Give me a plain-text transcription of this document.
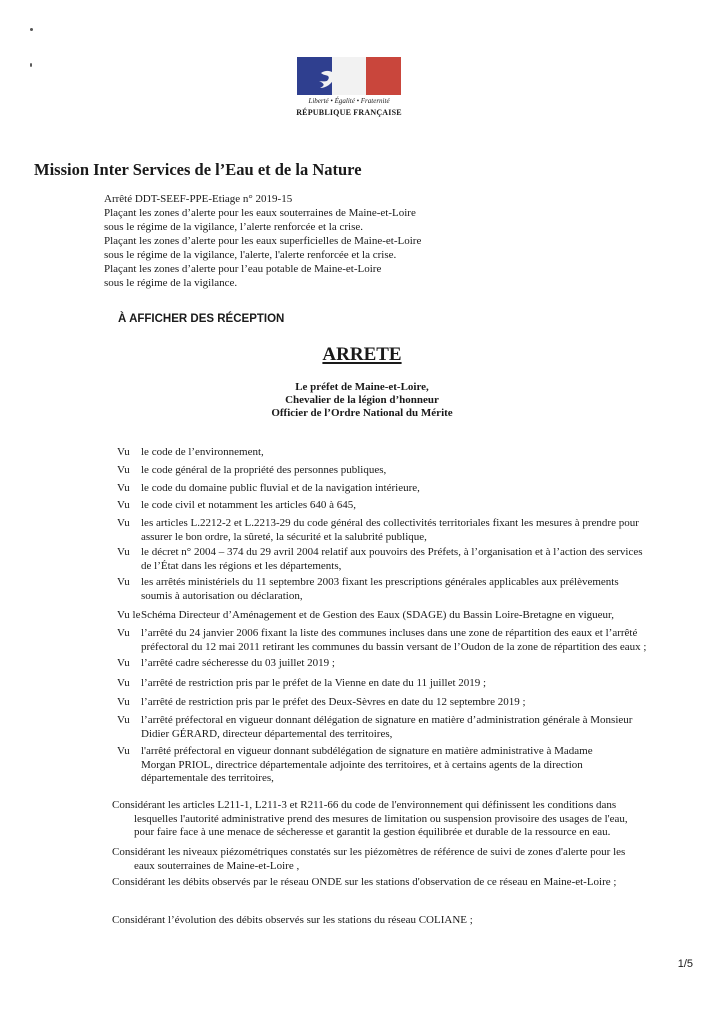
Liberté • Égalité • Fraternité
RÉPUBLIQUE FRANÇAISE
Mission Inter Services de l’Eau et de la Nature
Arrêté DDT-SEEF-PPE-Etiage n° 2019-15
Plaçant les zones d’alerte pour les eaux souterraines de Maine-et-Loire
sous le régime de la vigilance, l’alerte renforcée et la crise.
Plaçant les zones d’alerte pour les eaux superficielles de Maine-et-Loire
sous le régime de la vigilance, l'alerte, l'alerte renforcée et la crise.
Plaçant les zones d’alerte pour l’eau potable de Maine-et-Loire
sous le régime de la vigilance.
À AFFICHER DES RÉCEPTION
ARRETE
Le préfet de Maine-et-Loire,
Chevalier de la légion d’honneur
Officier de l’Ordre National du Mérite
Vu le code de l’environnement,
Vu le code général de la propriété des personnes publiques,
Vu le code du domaine public fluvial et de la navigation intérieure,
Vu le code civil et notamment les articles 640 à 645,
Vu les articles L.2212-2 et L.2213-29 du code général des collectivités territoriales fixant les mesures à prendre pour
assurer le bon ordre, la sûreté, la sécurité et la salubrité publique,
Vu le décret n° 2004 – 374 du 29 avril 2004 relatif aux pouvoirs des Préfets, à l’organisation et à l’action des services
de l’État dans les régions et les départements,
Vu les arrêtés ministériels du 11 septembre 2003 fixant les prescriptions générales applicables aux prélèvements
soumis à autorisation ou déclaration,
Vu le Schéma Directeur d’Aménagement et de Gestion des Eaux (SDAGE) du Bassin Loire-Bretagne en vigueur,
Vu l’arrêté du 24 janvier 2006 fixant la liste des communes incluses dans une zone de répartition des eaux et l’arrêté
préfectoral du 12 mai 2011 retirant les communes du bassin versant de l’Oudon de la zone de répartition des eaux ;
Vu l’arrêté cadre sécheresse du 03 juillet 2019 ;
Vu l’arrêté de restriction pris par le préfet de la Vienne en date du 11 juillet 2019 ;
Vu l’arrêté de restriction pris par le préfet des Deux-Sèvres en date du 12 septembre 2019 ;
Vu l’arrêté préfectoral en vigueur donnant délégation de signature en matière d’administration générale à Monsieur
Didier GÉRARD, directeur départemental des territoires,
Vu l'arrêté préfectoral en vigueur donnant subdélégation de signature en matière administrative à Madame
Morgan PRIOL, directrice départementale adjointe des territoires, et à certains agents de la direction
départementale des territoires,
Considérant les articles L211-1, L211-3 et R211-66 du code de l'environnement qui définissent les conditions dans
lesquelles l'autorité administrative prend des mesures de limitation ou suspension provisoire des usages de l'eau,
pour faire face à une menace de sécheresse et garantit la gestion équilibrée et durable de la ressource en eau.
Considérant les niveaux piézométriques constatés sur les piézomètres de référence de suivi de zones d'alerte pour les
eaux souterraines de Maine-et-Loire ,
Considérant les débits observés par le réseau ONDE sur les stations d'observation de ce réseau en Maine-et-Loire ;
Considérant l’évolution des débits observés sur les stations du réseau COLIANE ;
1/5
